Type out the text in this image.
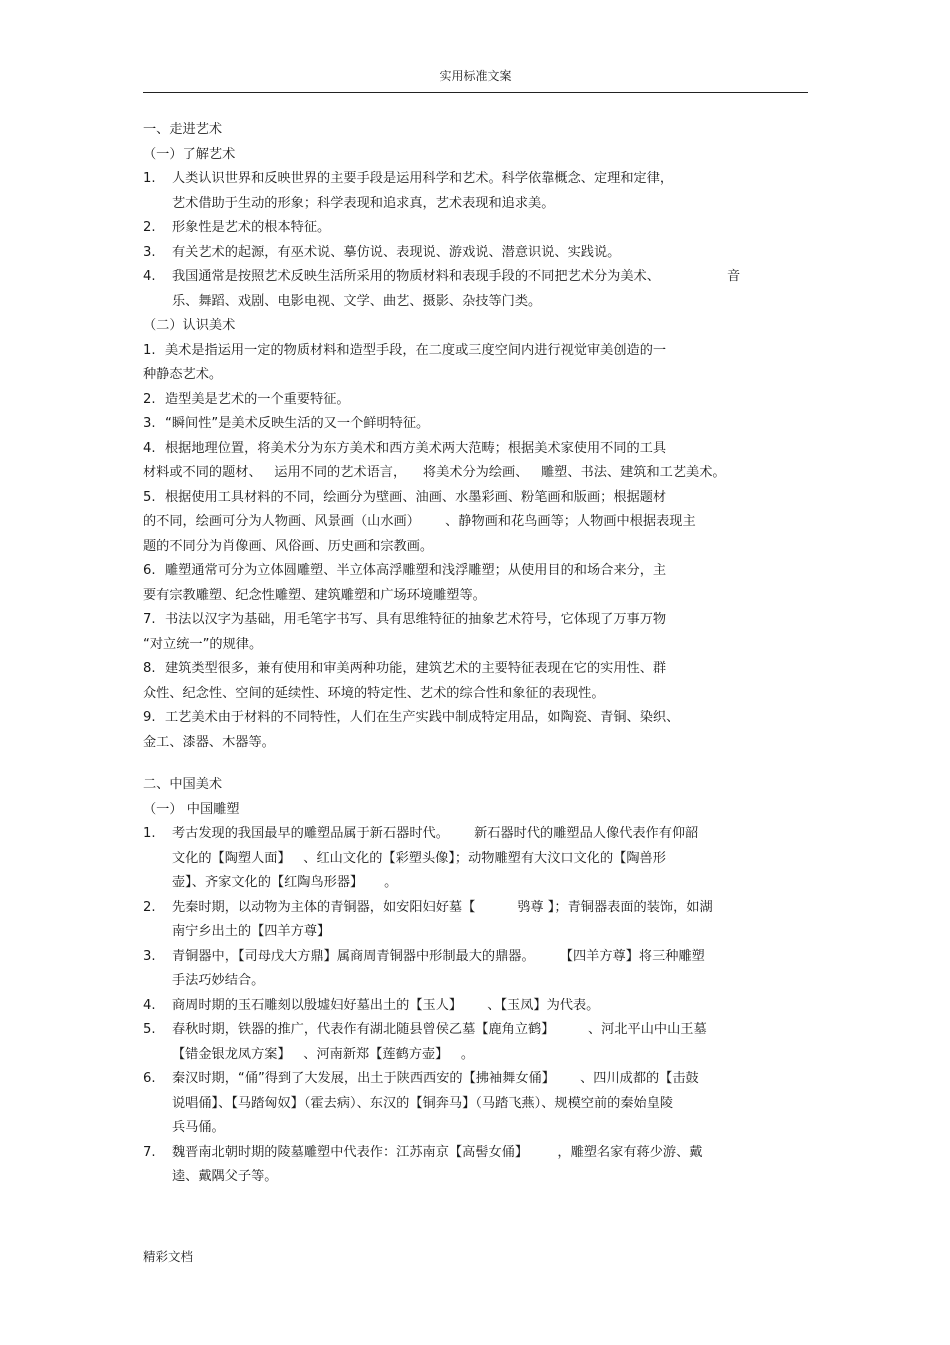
实用标准文案
一、走进艺术
（一）了解艺术
1. 人类认识世界和反映世界的主要手段是运用科学和艺术。科学依靠概念、定理和定律，
艺术借助于生动的形象；科学表现和追求真，艺术表现和追求美。
2. 形象性是艺术的根本特征。
3. 有关艺术的起源，有巫术说、摹仿说、表现说、游戏说、潜意识说、实践说。
4. 我国通常是按照艺术反映生活所采用的物质材料和表现手段的不同把艺术分为美术、                音
乐、舞蹈、戏剧、电影电视、文学、曲艺、摄影、杂技等门类。
（二）认识美术
1. 美术是指运用一定的物质材料和造型手段，在二度或三度空间内进行视觉审美创造的一
种静态艺术。
2. 造型美是艺术的一个重要特征。
3. “瞬间性”是美术反映生活的又一个鲜明特征。
4. 根据地理位置，将美术分为东方美术和西方美术两大范畴；根据美术家使用不同的工具
材料或不同的题材、   运用不同的艺术语言，    将美术分为绘画、   雕塑、书法、建筑和工艺美术。
5. 根据使用工具材料的不同，绘画分为壁画、油画、水墨彩画、粉笔画和版画；根据题材
的不同，绘画可分为人物画、风景画（山水画）      、静物画和花鸟画等；人物画中根据表现主
题的不同分为肖像画、风俗画、历史画和宗教画。
6. 雕塑通常可分为立体圆雕塑、半立体高浮雕塑和浅浮雕塑；从使用目的和场合来分，主
要有宗教雕塑、纪念性雕塑、建筑雕塑和广场环境雕塑等。
7. 书法以汉字为基础，用毛笔字书写、具有思维特征的抽象艺术符号，它体现了万事万物
“对立统一”的规律。
8. 建筑类型很多，兼有使用和审美两种功能，建筑艺术的主要特征表现在它的实用性、群
众性、纪念性、空间的延续性、环境的特定性、艺术的综合性和象征的表现性。
9. 工艺美术由于材料的不同特性，人们在生产实践中制成特定用品，如陶瓷、青铜、染织、
金工、漆器、木器等。
二、中国美术
（一） 中国雕塑
1. 考古发现的我国最早的雕塑品属于新石器时代。      新石器时代的雕塑品人像代表作有仰韶
文化的【陶塑人面】   、红山文化的【彩塑头像】；动物雕塑有大汶口文化的【陶兽形
壶】、齐家文化的【红陶鸟形器】     。
2. 先秦时期，以动物为主体的青铜器，如安阳妇好墓【          鸮尊 】；青铜器表面的装饰，如湖
南宁乡出土的【四羊方尊】
3. 青铜器中，【司母戊大方鼎】属商周青铜器中形制最大的鼎器。      【四羊方尊】将三种雕塑
手法巧妙结合。
4. 商周时期的玉石雕刻以殷墟妇好墓出土的【玉人】      、【玉凤】为代表。
5. 春秋时期，铁器的推广，代表作有湖北随县曾侯乙墓【鹿角立鹤】        、河北平山中山王墓
【错金银龙凤方案】   、河南新郑【莲鹤方壶】   。
6. 秦汉时期，“俑”得到了大发展，出土于陕西西安的【拂袖舞女俑】      、四川成都的【击鼓
说唱俑】、【马踏匈奴】（霍去病）、东汉的【铜奔马】（马踏飞燕）、规模空前的秦始皇陵
兵马俑。
7. 魏晋南北朝时期的陵墓雕塑中代表作：江苏南京【高髻女俑】       ，雕塑名家有蒋少游、戴
逵、戴隅父子等。
精彩文档
